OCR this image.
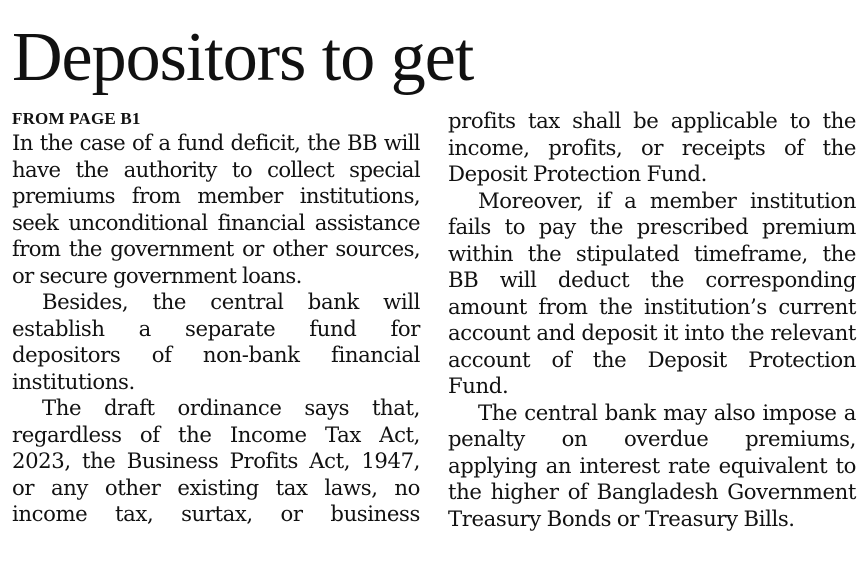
Depositors to get
FROM PAGE B1

In the case of a fund deficit, the BB will have the authority to collect special premiums from member institutions, seek unconditional financial assistance from the government or other sources, or secure government loans.

Besides, the central bank will establish a separate fund for depositors of non-bank financial institutions.

The draft ordinance says that, regardless of the Income Tax Act, 2023, the Business Profits Act, 1947, or any other existing tax laws, no income tax, surtax, or business

profits tax shall be applicable to the income, profits, or receipts of the Deposit Protection Fund.

Moreover, if a member institution fails to pay the prescribed premium within the stipulated timeframe, the BB will deduct the corresponding amount from the institution’s current account and deposit it into the relevant account of the Deposit Protection Fund.

The central bank may also impose a penalty on overdue premiums, applying an interest rate equivalent to the higher of Bangladesh Government Treasury Bonds or Treasury Bills.
